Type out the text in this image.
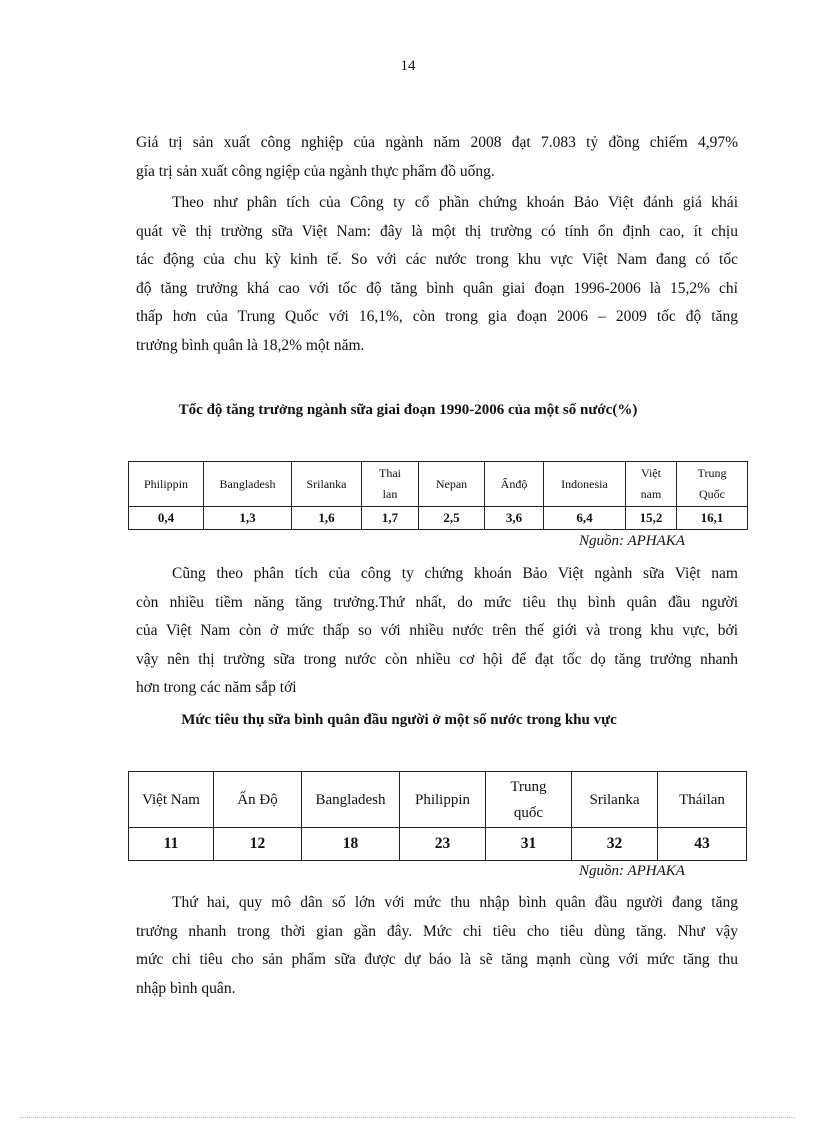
14
Giá trị sản xuất công nghiệp của ngành năm 2008 đạt 7.083 tỷ đồng chiếm 4,97%
gía trị sản xuất công ngiệp của ngành thực phẩm đồ uống.
Theo như phân tích của Công ty cổ phần chứng khoán Bảo Việt đánh giá khái
quát về thị trường sữa Việt Nam: đây là một thị trường có tính ổn định cao, ít chịu
tác động của chu kỳ kinh tế. So với các nước trong khu vực Việt Nam đang có tốc
độ tăng trưởng khá cao với tốc độ tăng bình quân giai đoạn 1996-2006 là 15,2% chỉ
thấp hơn của Trung Quốc với 16,1%, còn trong gia đoạn 2006 – 2009 tốc độ tăng
trưởng bình quân là 18,2% một năm.

Tốc độ tăng trưởng ngành sữa giai đoạn 1990-2006 của một số nước(%)

Philippin	Bangladesh	Srilanka	Thai
lan	Nepan	Ấnđộ	Indonesia	Việt
nam	Trung
Quốc
0,4	1,3	1,6	1,7	2,5	3,6	6,4	15,2	16,1
Nguồn: APHAKA
Cũng theo phân tích của công ty chứng khoán Bảo Việt ngành sữa Việt nam
còn nhiều tiềm năng tăng trưởng.Thứ nhất, do mức tiêu thụ bình quân đầu người
của Việt Nam còn ở mức thấp so với nhiều nước trên thế giới và trong khu vực, bởi
vậy nên thị trường sữa trong nước còn nhiều cơ hội để đạt tốc dọ tăng trưởng nhanh
hơn trong các năm sắp tới

Mức tiêu thụ sữa bình quân đầu người ở một số nước trong khu vực

Việt Nam	Ấn Độ	Bangladesh	Philippin	Trung
quốc	Srilanka	Tháilan
11	12	18	23	31	32	43
Nguồn: APHAKA
Thứ hai, quy mô dân số lớn với mức thu nhập bình quân đầu người đang tăng
trưởng nhanh trong thời gian gần đây. Mức chi tiêu cho tiêu dùng tăng. Như vậy
mức chi tiêu cho sản phẩm sữa được dự báo là sẽ tăng mạnh cùng với mức tăng thu
nhập bình quân.
